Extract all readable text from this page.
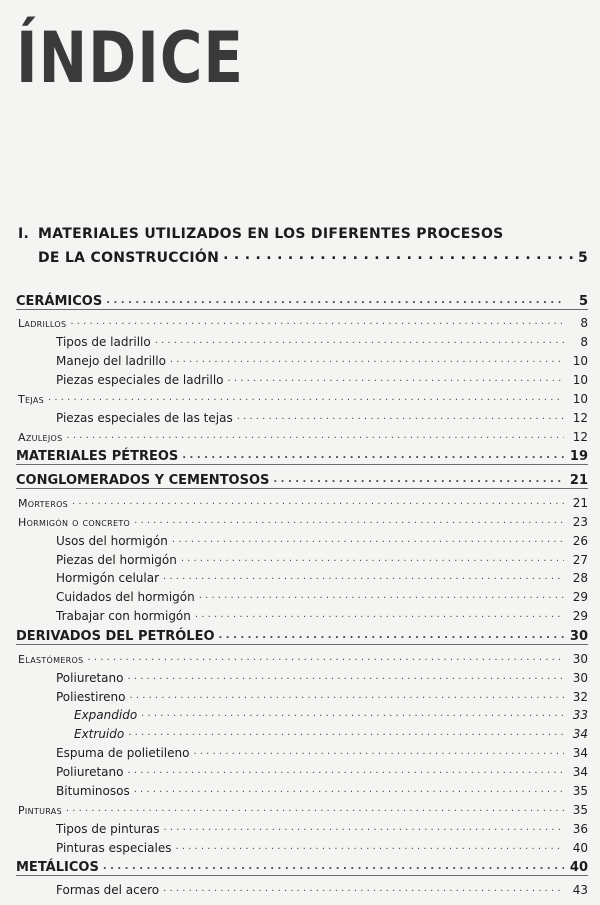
ÍNDICE
I. MATERIALES UTILIZADOS EN LOS DIFERENTES PROCESOS
DE LA CONSTRUCCIÓN . . .	5
CERÁMICOS . . .	5
Ladrillos . . .	8
Tipos de ladrillo . . .	8
Manejo del ladrillo . . .	10
Piezas especiales de ladrillo . . .	10
Tejas . . .	10
Piezas especiales de las tejas . . .	12
Azulejos . . .	12
MATERIALES PÉTREOS . . .	19
CONGLOMERADOS Y CEMENTOSOS . . .	21
Morteros . . .	21
Hormigón o concreto . . .	23
Usos del hormigón . . .	26
Piezas del hormigón . . .	27
Hormigón celular . . .	28
Cuidados del hormigón . . .	29
Trabajar con hormigón . . .	29
DERIVADOS DEL PETRÓLEO . . .	30
Elastómeros . . .	30
Poliuretano . . .	30
Poliestireno . . .	32
Expandido . . .	33
Extruido . . .	34
Espuma de polietileno . . .	34
Poliuretano . . .	34
Bituminosos . . .	35
Pinturas . . .	35
Tipos de pinturas . . .	36
Pinturas especiales . . .	40
METÁLICOS . . .	40
Formas del acero . . .	43
